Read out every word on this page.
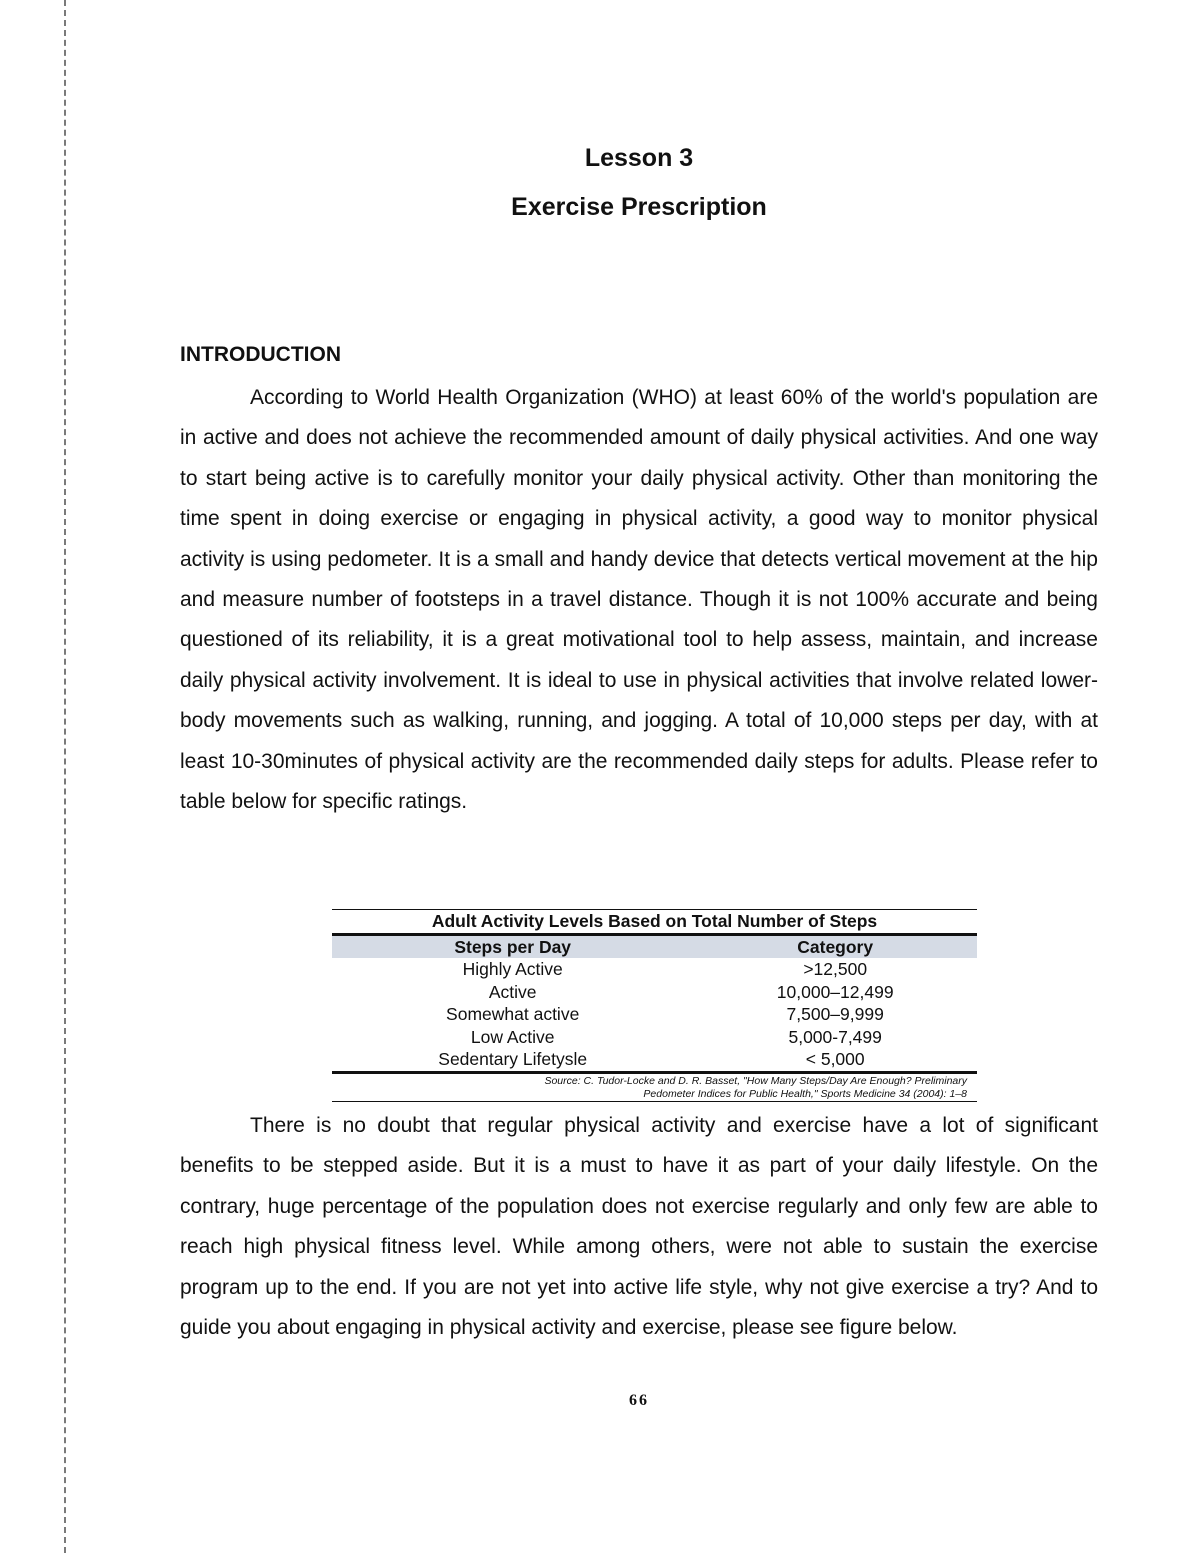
Lesson 3
Exercise Prescription
INTRODUCTION

According to World Health Organization (WHO) at least 60% of the world's population are in active and does not achieve the recommended amount of daily physical activities. And one way to start being active is to carefully monitor your daily physical activity. Other than monitoring the time spent in doing exercise or engaging in physical activity, a good way to monitor physical activity is using pedometer. It is a small and handy device that detects vertical movement at the hip and measure number of footsteps in a travel distance. Though it is not 100% accurate and being questioned of its reliability, it is a great motivational tool to help assess, maintain, and increase daily physical activity involvement. It is ideal to use in physical activities that involve related lower-body movements such as walking, running, and jogging. A total of 10,000 steps per day, with at least 10-30minutes of physical activity are the recommended daily steps for adults. Please refer to table below for specific ratings.

Adult Activity Levels Based on Total Number of Steps	
Steps per Day	Category
Highly Active	>12,500
Active	10,000–12,499
Somewhat active	7,500–9,999
Low Active	5,000-7,499
Sedentary Lifetysle	< 5,000
Source: C. Tudor-Locke and D. R. Basset, "How Many Steps/Day Are Enough? Preliminary
Pedometer Indices for Public Health," Sports Medicine 34 (2004): 1–8

There is no doubt that regular physical activity and exercise have a lot of significant benefits to be stepped aside. But it is a must to have it as part of your daily lifestyle. On the contrary, huge percentage of the population does not exercise regularly and only few are able to reach high physical fitness level. While among others, were not able to sustain the exercise program up to the end. If you are not yet into active life style, why not give exercise a try? And to guide you about engaging in physical activity and exercise, please see figure below.

66
